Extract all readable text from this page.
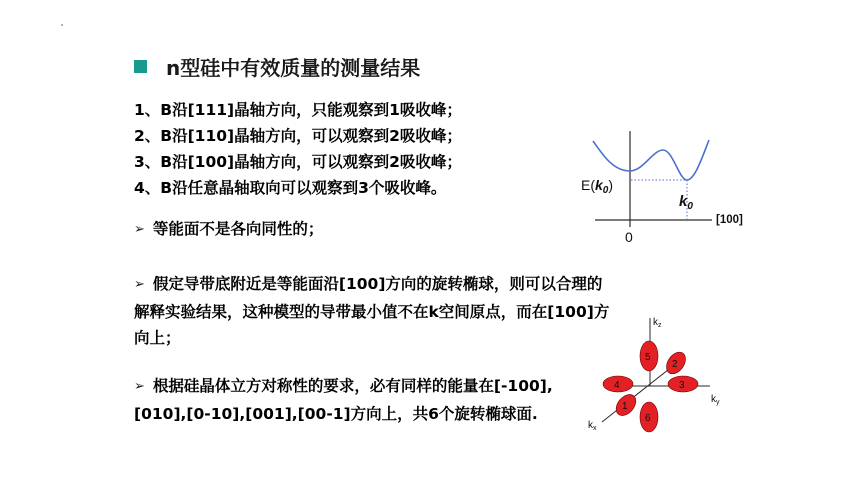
n型硅中有效质量的测量结果
1、B沿[111]晶轴方向，只能观察到1吸收峰；
2、B沿[110]晶轴方向，可以观察到2吸收峰；
3、B沿[100]晶轴方向，可以观察到2吸收峰；
4、B沿任意晶轴取向可以观察到3个吸收峰。
➢ 等能面不是各向同性的；
➢ 假定导带底附近是等能面沿[100]方向的旋转椭球，则可以合理的解释实验结果，这种模型的导带最小值不在k空间原点，而在[100]方向上；
➢ 根据硅晶体立方对称性的要求，必有同样的能量在[-100],[010],[0-10],[001],[00-1]方向上，共6个旋转椭球面.
$E(k_0)$
$k_0$
0
[100]
5
2
4	3
1
6
$k_z$
$k_y$
$k_x$
